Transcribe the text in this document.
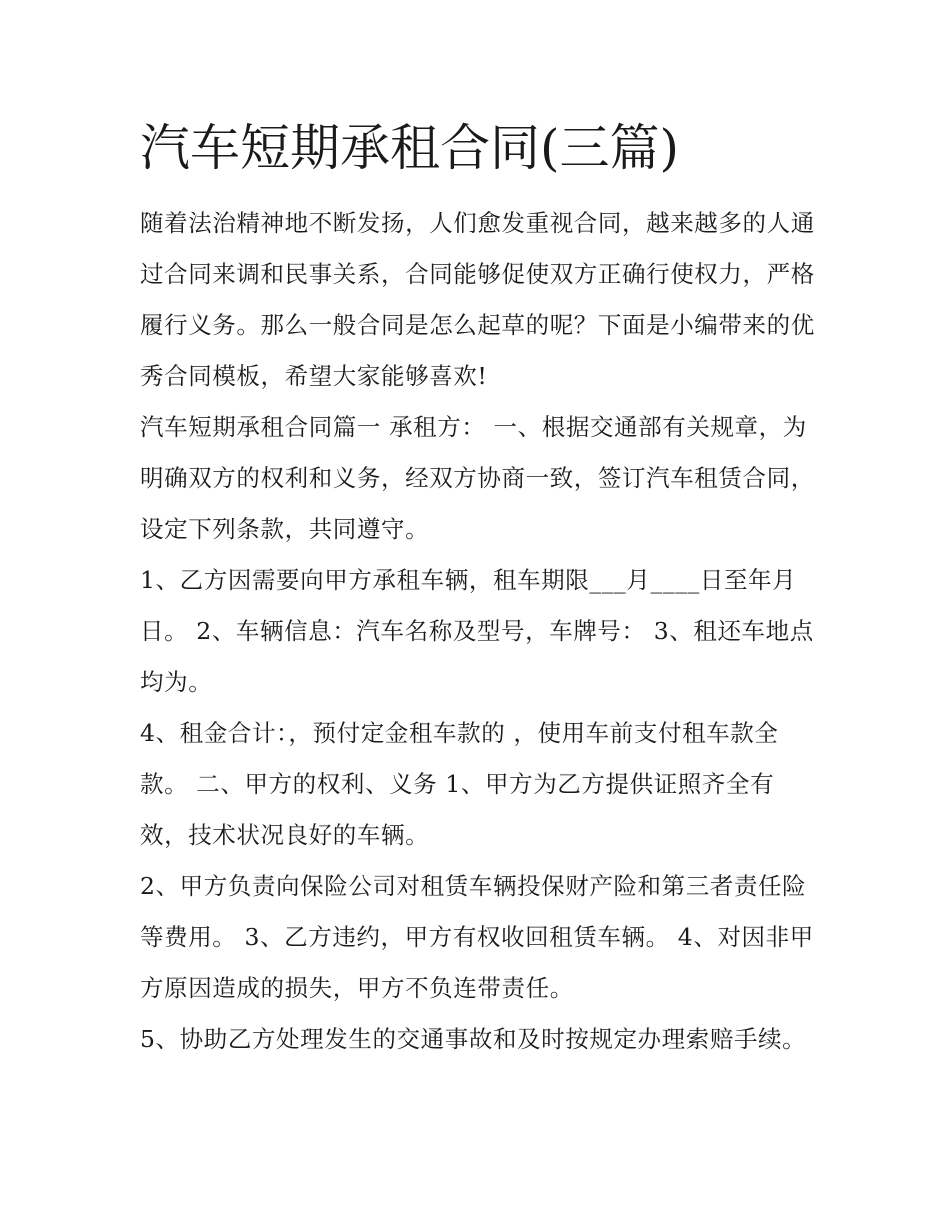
汽车短期承租合同(三篇)

随着法治精神地不断发扬，人们愈发重视合同，越来越多的人通过合同来调和民事关系，合同能够促使双方正确行使权力，严格履行义务。那么一般合同是怎么起草的呢？下面是小编带来的优秀合同模板，希望大家能够喜欢!

汽车短期承租合同篇一 承租方： 一、根据交通部有关规章，为明确双方的权利和义务，经双方协商一致，签订汽车租赁合同，设定下列条款，共同遵守。

1、乙方因需要向甲方承租车辆，租车期限___月____日至年月日。 2、车辆信息：汽车名称及型号，车牌号： 3、租还车地点均为。

4、租金合计：，预付定金租车款的 ，使用车前支付租车款全款。 二、甲方的权利、义务 1、甲方为乙方提供证照齐全有效，技术状况良好的车辆。

2、甲方负责向保险公司对租赁车辆投保财产险和第三者责任险等费用。 3、乙方违约，甲方有权收回租赁车辆。 4、对因非甲方原因造成的损失，甲方不负连带责任。

5、协助乙方处理发生的交通事故和及时按规定办理索赔手续。
